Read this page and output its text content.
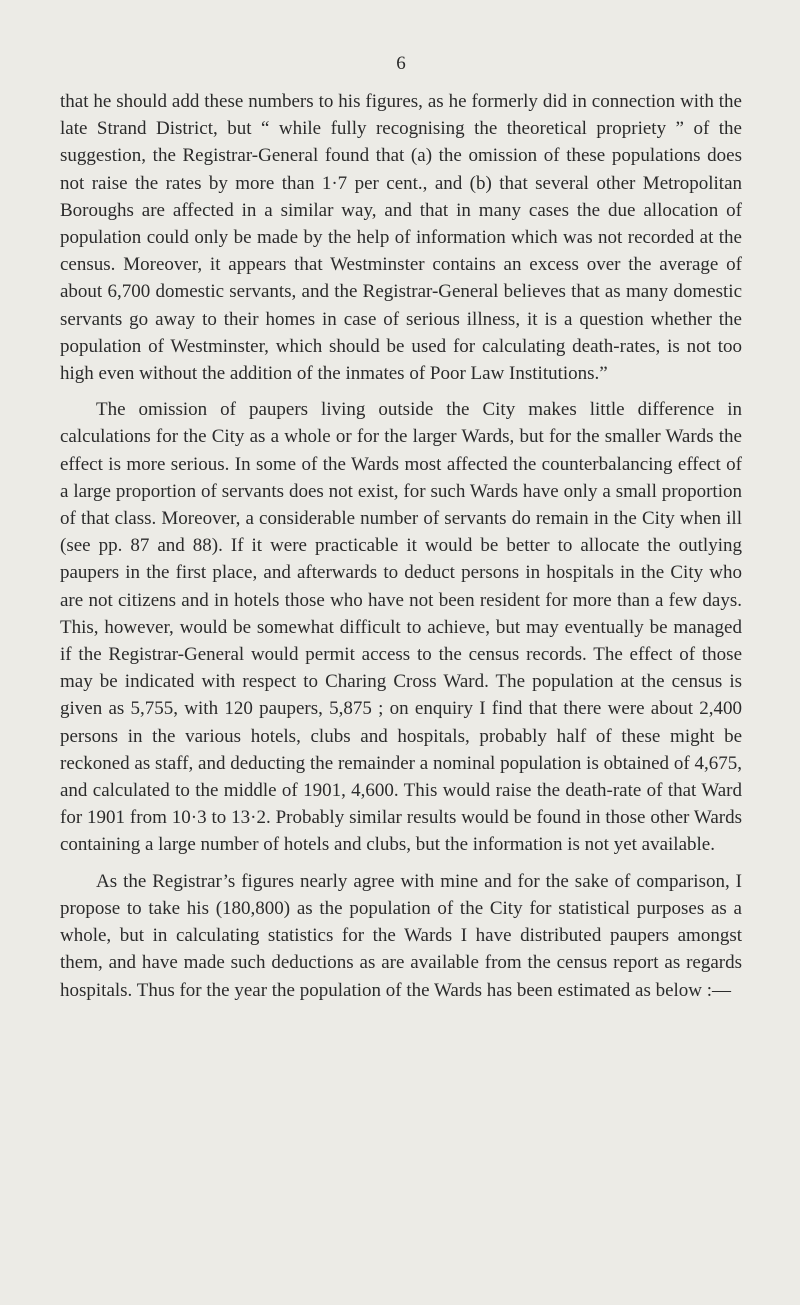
6

that he should add these numbers to his figures, as he formerly did in connection with the late Strand District, but “ while fully recognising the theoretical propriety ” of the suggestion, the Registrar-General found that (a) the omission of these populations does not raise the rates by more than 1·7 per cent., and (b) that several other Metropolitan Boroughs are affected in a similar way, and that in many cases the due allocation of population could only be made by the help of information which was not recorded at the census. Moreover, it appears that Westminster contains an excess over the average of about 6,700 domestic servants, and the Registrar-General believes that as many domestic servants go away to their homes in case of serious illness, it is a question whether the population of Westminster, which should be used for calculating death-rates, is not too high even without the addition of the inmates of Poor Law Institutions.”

The omission of paupers living outside the City makes little difference in calculations for the City as a whole or for the larger Wards, but for the smaller Wards the effect is more serious. In some of the Wards most affected the counterbalancing effect of a large proportion of servants does not exist, for such Wards have only a small proportion of that class. Moreover, a considerable number of servants do remain in the City when ill (see pp. 87 and 88). If it were practicable it would be better to allocate the outlying paupers in the first place, and afterwards to deduct persons in hospitals in the City who are not citizens and in hotels those who have not been resident for more than a few days. This, however, would be somewhat difficult to achieve, but may eventually be managed if the Registrar-General would permit access to the census records. The effect of those may be indicated with respect to Charing Cross Ward. The population at the census is given as 5,755, with 120 paupers, 5,875 ; on enquiry I find that there were about 2,400 persons in the various hotels, clubs and hospitals, probably half of these might be reckoned as staff, and deducting the remainder a nominal population is obtained of 4,675, and calculated to the middle of 1901, 4,600. This would raise the death-rate of that Ward for 1901 from 10·3 to 13·2. Probably similar results would be found in those other Wards containing a large number of hotels and clubs, but the information is not yet available.

As the Registrar’s figures nearly agree with mine and for the sake of comparison, I propose to take his (180,800) as the population of the City for statistical purposes as a whole, but in calculating statistics for the Wards I have distributed paupers amongst them, and have made such deductions as are available from the census report as regards hospitals. Thus for the year the population of the Wards has been estimated as below :—
